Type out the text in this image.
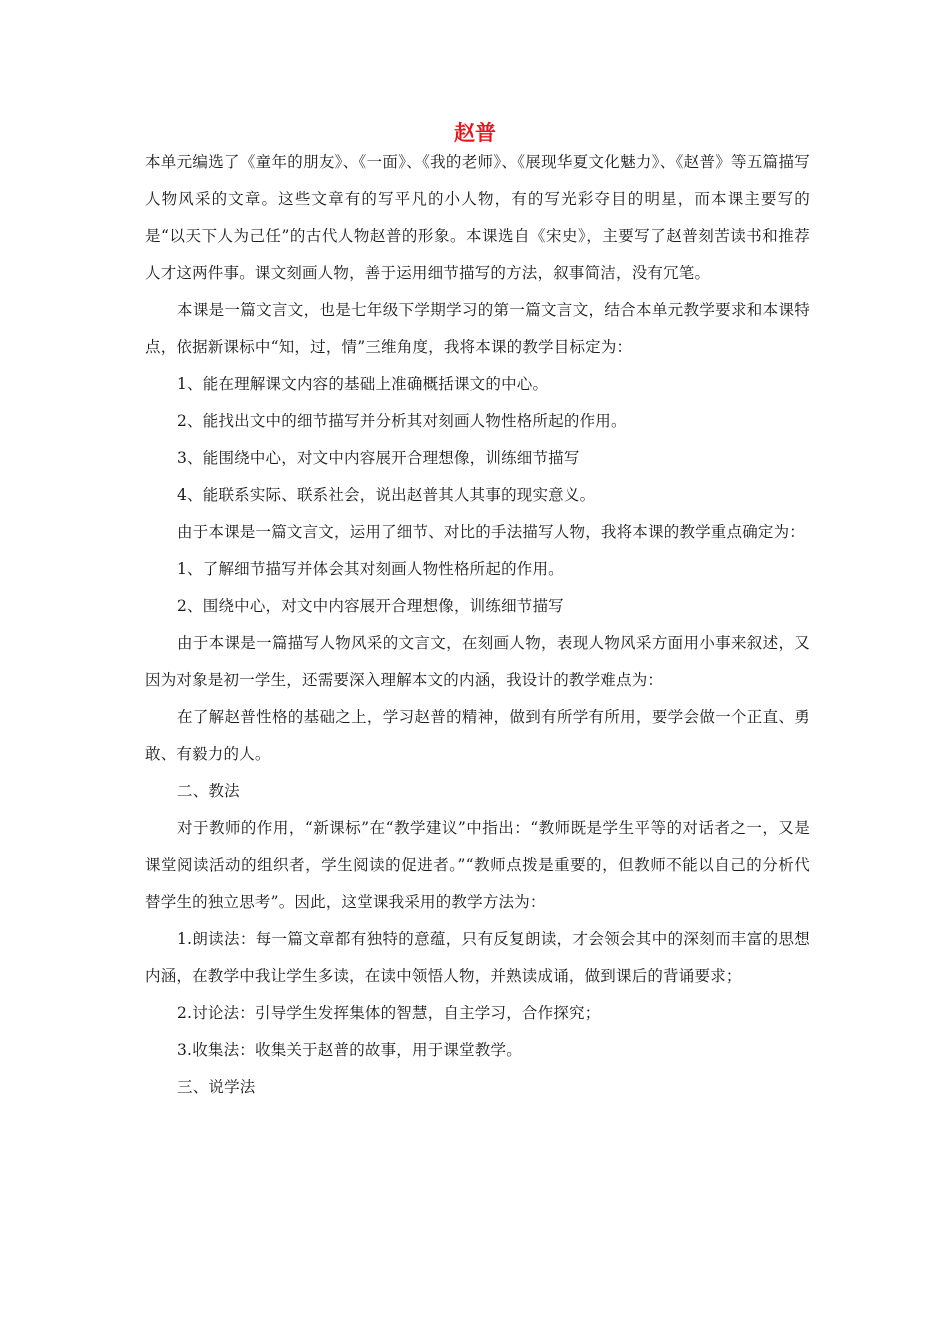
赵普

本单元编选了《童年的朋友》、《一面》、《我的老师》、《展现华夏文化魅力》、《赵普》等五篇描写人物风采的文章。这些文章有的写平凡的小人物，有的写光彩夺目的明星，而本课主要写的是“以天下人为己任”的古代人物赵普的形象。本课选自《宋史》，主要写了赵普刻苦读书和推荐人才这两件事。课文刻画人物，善于运用细节描写的方法，叙事简洁，没有冗笔。

本课是一篇文言文，也是七年级下学期学习的第一篇文言文，结合本单元教学要求和本课特点，依据新课标中“知，过，情”三维角度，我将本课的教学目标定为：

1、能在理解课文内容的基础上准确概括课文的中心。

2、能找出文中的细节描写并分析其对刻画人物性格所起的作用。

3、能围绕中心，对文中内容展开合理想像，训练细节描写

4、能联系实际、联系社会，说出赵普其人其事的现实意义。

由于本课是一篇文言文，运用了细节、对比的手法描写人物，我将本课的教学重点确定为：

1、了解细节描写并体会其对刻画人物性格所起的作用。

2、围绕中心，对文中内容展开合理想像，训练细节描写

由于本课是一篇描写人物风采的文言文，在刻画人物，表现人物风采方面用小事来叙述，又因为对象是初一学生，还需要深入理解本文的内涵，我设计的教学难点为：

在了解赵普性格的基础之上，学习赵普的精神，做到有所学有所用，要学会做一个正直、勇敢、有毅力的人。

二、教法

对于教师的作用，“新课标”在“教学建议”中指出：“教师既是学生平等的对话者之一，又是课堂阅读活动的组织者，学生阅读的促进者。”“教师点拨是重要的，但教师不能以自己的分析代替学生的独立思考”。因此，这堂课我采用的教学方法为：

1.朗读法：每一篇文章都有独特的意蕴，只有反复朗读，才会领会其中的深刻而丰富的思想内涵，在教学中我让学生多读，在读中领悟人物，并熟读成诵，做到课后的背诵要求；

2.讨论法：引导学生发挥集体的智慧，自主学习，合作探究；

3.收集法：收集关于赵普的故事，用于课堂教学。

三、说学法
